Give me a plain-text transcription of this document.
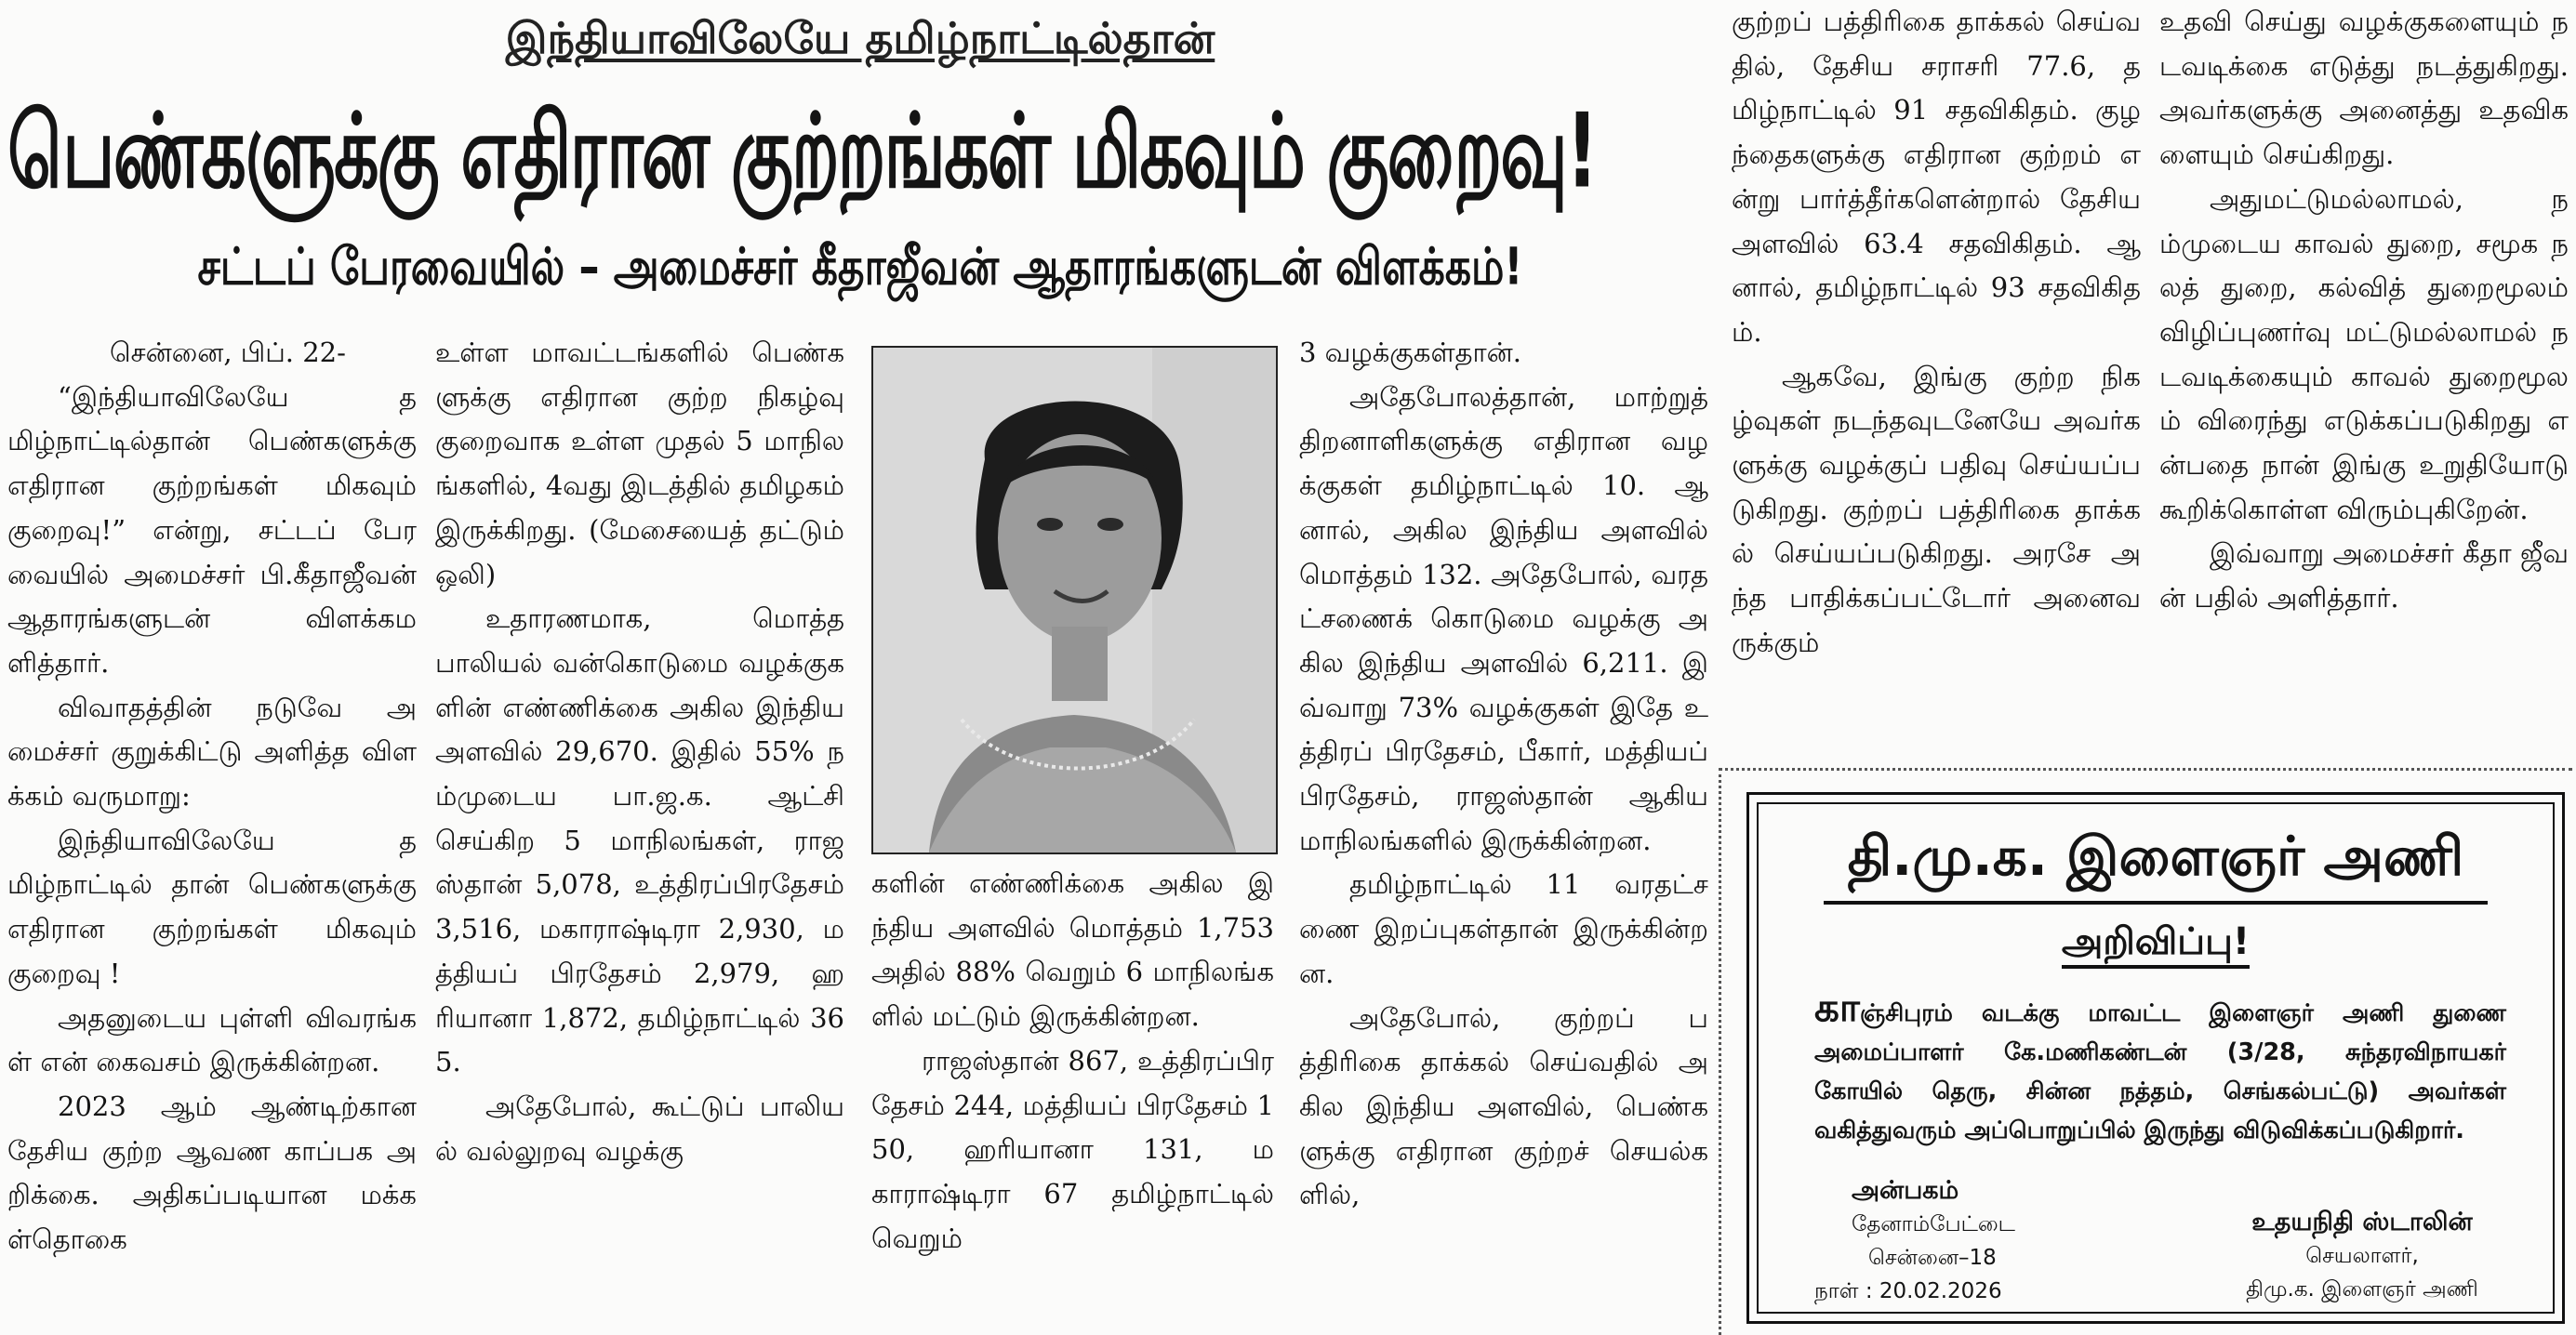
இந்தியாவிலேயே தமிழ்நாட்டில்தான்
பெண்களுக்கு எதிரான குற்றங்கள் மிகவும் குறைவு!
சட்டப் பேரவையில் – அமைச்சர் கீதாஜீவன் ஆதாரங்களுடன் விளக்கம்!

சென்னை, பிப். 22-

“இந்தியாவிலேயே தமிழ்நாட்டில்தான் பெண்களுக்கு எதிரான குற்றங்கள் மிகவும் குறைவு!” என்று, சட்டப் பேரவையில் அமைச்சர் பி.கீதாஜீவன் ஆதாரங்களுடன் விளக்கமளித்தார்.

விவாதத்தின் நடுவே அமைச்சர் குறுக்கிட்டு அளித்த விளக்கம் வருமாறு:

இந்தியாவிலேயே தமிழ்நாட்டில் தான் பெண்களுக்கு எதிரான குற்றங்கள் மிகவும் குறைவு !

அதனுடைய புள்ளி விவரங்கள் என் கைவசம் இருக்கின்றன.

2023 ஆம் ஆண்டிற்கான தேசிய குற்ற ஆவண காப்பக அறிக்கை. அதிகப்படியான மக்கள்தொகை

உள்ள மாவட்டங்களில் பெண்களுக்கு எதிரான குற்ற நிகழ்வு குறைவாக உள்ள முதல் 5 மாநிலங்களில், 4வது இடத்தில் தமிழகம் இருக்கிறது. (மேசையைத் தட்டும் ஒலி)

உதாரணமாக, மொத்த பாலியல் வன்கொடுமை வழக்குகளின் எண்ணிக்கை அகில இந்திய அளவில் 29,670. இதில் 55% நம்முடைய பா.ஜ.க. ஆட்சி செய்கிற 5 மாநிலங்கள், ராஜஸ்தான் 5,078, உத்திரப்பிரதேசம் 3,516, மகாராஷ்டிரா 2,930, மத்தியப் பிரதேசம் 2,979, ஹரியானா 1,872, தமிழ்நாட்டில் 365.

அதேபோல், கூட்டுப் பாலியல் வல்லுறவு வழக்கு

களின் எண்ணிக்கை அகில இந்திய அளவில் மொத்தம் 1,753 அதில் 88% வெறும் 6 மாநிலங்களில் மட்டும் இருக்கின்றன.

ராஜஸ்தான் 867, உத்திரப்பிரதேசம் 244, மத்தியப் பிரதேசம் 150, ஹரியானா 131, மகாராஷ்டிரா 67 தமிழ்நாட்டில் வெறும்

3 வழக்குகள்தான்.

அதேபோலத்தான், மாற்றுத் திறனாளிகளுக்கு எதிரான வழக்குகள் தமிழ்நாட்டில் 10. ஆனால், அகில இந்திய அளவில் மொத்தம் 132. அதேபோல், வரதட்சணைக் கொடுமை வழக்கு அகில இந்திய அளவில் 6,211. இவ்வாறு 73% வழக்குகள் இதே உத்திரப் பிரதேசம், பீகார், மத்தியப் பிரதேசம், ராஜஸ்தான் ஆகிய மாநிலங்களில் இருக்கின்றன.

தமிழ்நாட்டில் 11 வரதட்சணை இறப்புகள்தான் இருக்கின்றன.

அதேபோல், குற்றப் பத்திரிகை தாக்கல் செய்வதில் அகில இந்திய அளவில், பெண்களுக்கு எதிரான குற்றச் செயல்களில்,

குற்றப் பத்திரிகை தாக்கல் செய்வதில், தேசிய சராசரி 77.6, தமிழ்நாட்டில் 91 சதவிகிதம். குழந்தைகளுக்கு எதிரான குற்றம் என்று பார்த்தீர்களென்றால் தேசிய அளவில் 63.4 சதவிகிதம். ஆனால், தமிழ்நாட்டில் 93 சதவிகிதம்.

ஆகவே, இங்கு குற்ற நிகழ்வுகள் நடந்தவுடனேயே அவர்களுக்கு வழக்குப் பதிவு செய்யப்படுகிறது. குற்றப் பத்திரிகை தாக்கல் செய்யப்படுகிறது. அரசே அந்த பாதிக்கப்பட்டோர் அனைவருக்கும்

உதவி செய்து வழக்குகளையும் நடவடிக்கை எடுத்து நடத்துகிறது. அவர்களுக்கு அனைத்து உதவிகளையும் செய்கிறது.

அதுமட்டுமல்லாமல், நம்முடைய காவல் துறை, சமூக நலத் துறை, கல்வித் துறைமூலம் விழிப்புணர்வு மட்டுமல்லாமல் நடவடிக்கையும் காவல் துறைமூலம் விரைந்து எடுக்கப்படுகிறது என்பதை நான் இங்கு உறுதியோடு கூறிக்கொள்ள விரும்புகிறேன்.

இவ்வாறு அமைச்சர் கீதா ஜீவன் பதில் அளித்தார்.

தி.மு.க. இளைஞர் அணி
அறிவிப்பு!
காஞ்சிபுரம் வடக்கு மாவட்ட இளைஞர் அணி துணை அமைப்பாளர் கே.மணிகண்டன் (3/28, சுந்தரவிநாயகர் கோயில் தெரு, சின்ன நத்தம், செங்கல்பட்டு) அவர்கள் வகித்துவரும் அப்பொறுப்பில் இருந்து விடுவிக்கப்படுகிறார்.
அன்பகம்
தேனாம்பேட்டை
சென்னை–18
நாள் : 20.02.2026
உதயநிதி ஸ்டாலின்
செயலாளர்,
திமு.க. இளைஞர் அணி
